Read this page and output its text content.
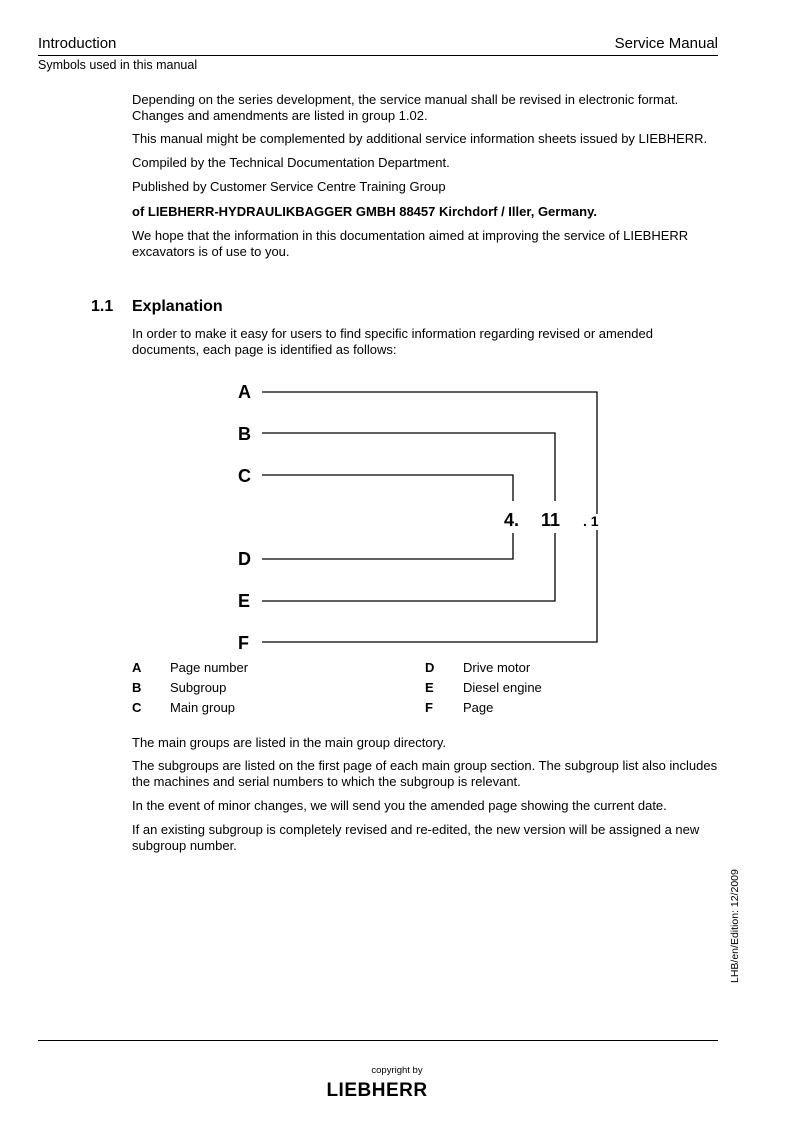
Introduction	Service Manual
Symbols used in this manual
Depending on the series development, the service manual shall be revised in electronic format. Changes and amendments are listed in group 1.02.
This manual might be complemented by additional service information sheets issued by LIEBHERR.
Compiled by the Technical Documentation Department.
Published by Customer Service Centre Training Group
of LIEBHERR-HYDRAULIKBAGGER GMBH 88457 Kirchdorf / Iller, Germany.
We hope that the information in this documentation aimed at improving the service of LIEBHERR excavators is of use to you.
1.1 Explanation
In order to make it easy for users to find specific information regarding revised or amended documents, each page is identified as follows:
A
B
C
D
E
F
4. 11 . 1
A Page number
B Subgroup
C Main group
D Drive motor
E Diesel engine
F Page
The main groups are listed in the main group directory.
The subgroups are listed on the first page of each main group section. The subgroup list also includes the machines and serial numbers to which the subgroup is relevant.
In the event of minor changes, we will send you the amended page showing the current date.
If an existing subgroup is completely revised and re-edited, the new version will be assigned a new subgroup number.
LHB/en/Edition: 12/2009
copyright by
LIEBHERR
